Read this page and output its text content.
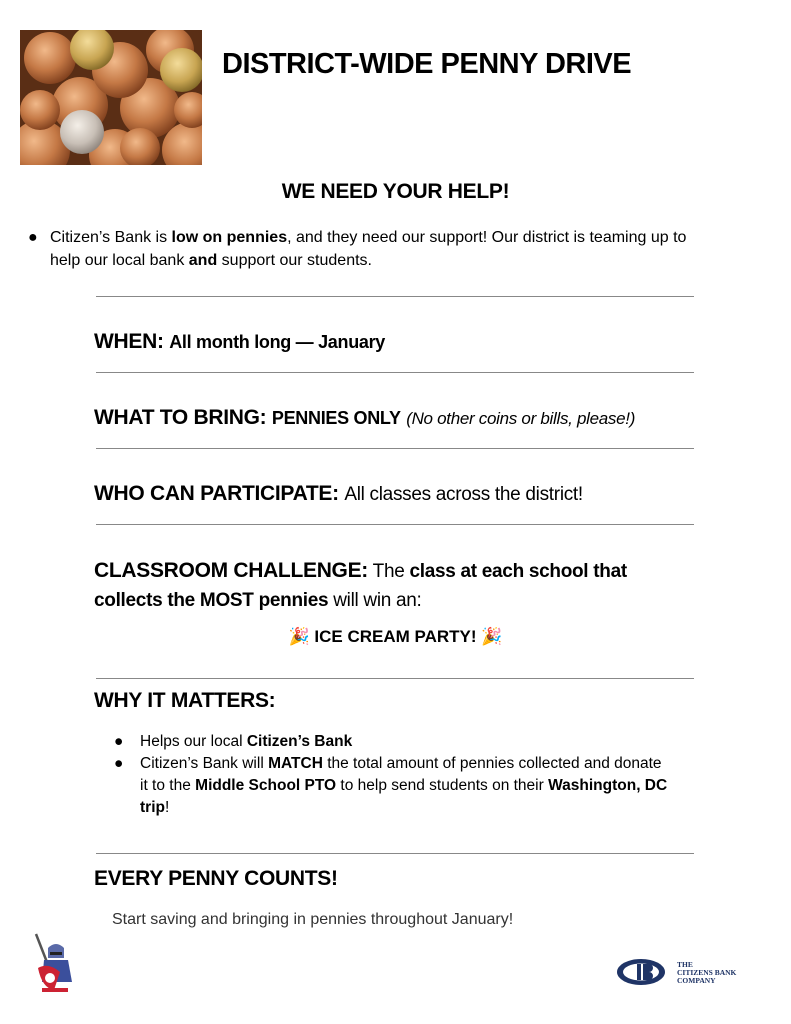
DISTRICT-WIDE PENNY DRIVE
WE NEED YOUR HELP!
● Citizen’s Bank is low on pennies, and they need our support! Our district is teaming up to help our local bank and support our students.
WHEN: All month long — January
WHAT TO BRING: PENNIES ONLY (No other coins or bills, please!)
WHO CAN PARTICIPATE: All classes across the district!
CLASSROOM CHALLENGE: The class at each school that
collects the MOST pennies will win an:
🎉 ICE CREAM PARTY! 🎉
WHY IT MATTERS:
● Helps our local Citizen’s Bank
● Citizen’s Bank will MATCH the total amount of pennies collected and donate it to the Middle School PTO to help send students on their Washington, DC trip!
EVERY PENNY COUNTS!
Start saving and bringing in pennies throughout January!
THE
CITIZENS BANK
COMPANY
